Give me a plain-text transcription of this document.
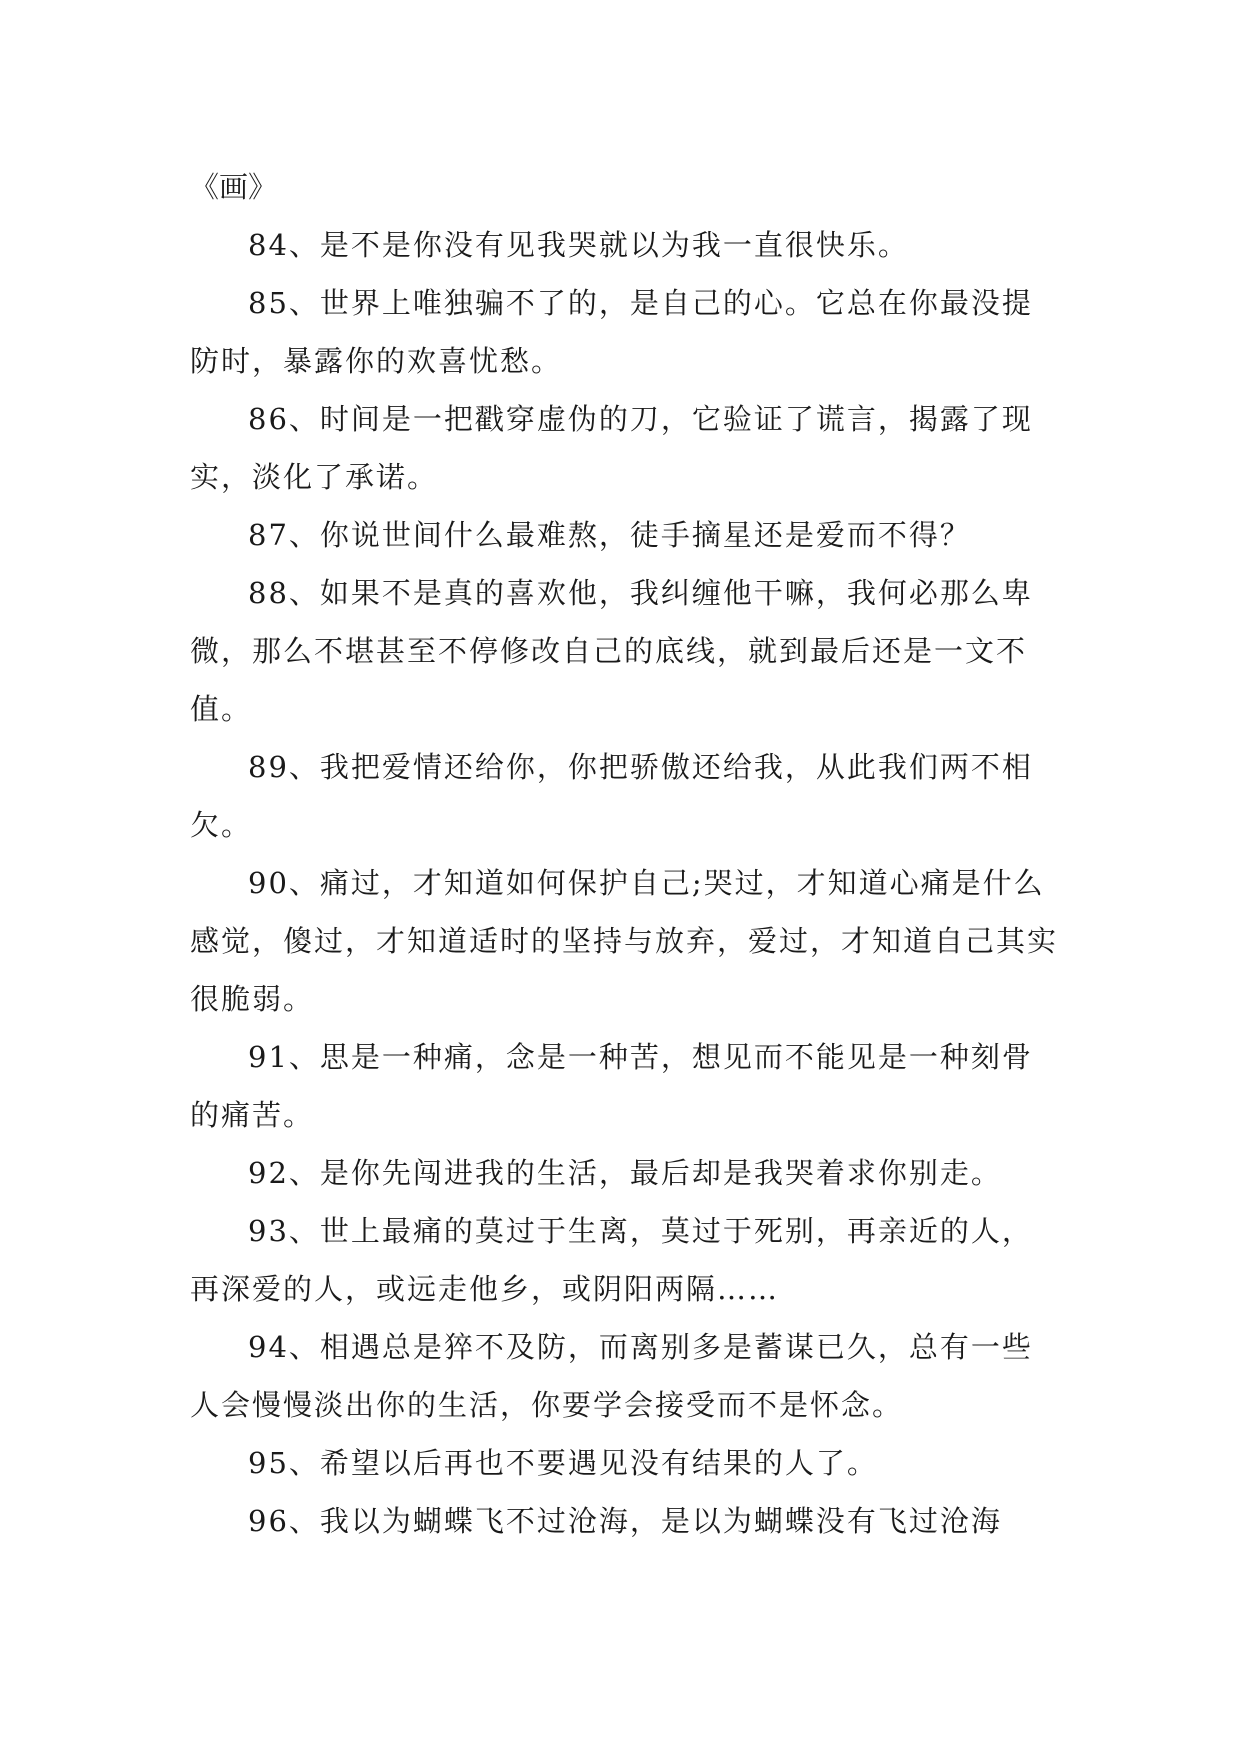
《画》

84、是不是你没有见我哭就以为我一直很快乐。

85、世界上唯独骗不了的，是自己的心。它总在你最没提防时，暴露你的欢喜忧愁。

86、时间是一把戳穿虚伪的刀，它验证了谎言，揭露了现实，淡化了承诺。

87、你说世间什么最难熬，徒手摘星还是爱而不得？

88、如果不是真的喜欢他，我纠缠他干嘛，我何必那么卑微，那么不堪甚至不停修改自己的底线，就到最后还是一文不值。

89、我把爱情还给你，你把骄傲还给我，从此我们两不相欠。

90、痛过，才知道如何保护自己;哭过，才知道心痛是什么感觉，傻过，才知道适时的坚持与放弃，爱过，才知道自己其实很脆弱。

91、思是一种痛，念是一种苦，想见而不能见是一种刻骨的痛苦。

92、是你先闯进我的生活，最后却是我哭着求你别走。

93、世上最痛的莫过于生离，莫过于死别，再亲近的人，再深爱的人，或远走他乡，或阴阳两隔……

94、相遇总是猝不及防，而离别多是蓄谋已久，总有一些人会慢慢淡出你的生活，你要学会接受而不是怀念。

95、希望以后再也不要遇见没有结果的人了。

96、我以为蝴蝶飞不过沧海，是以为蝴蝶没有飞过沧海
